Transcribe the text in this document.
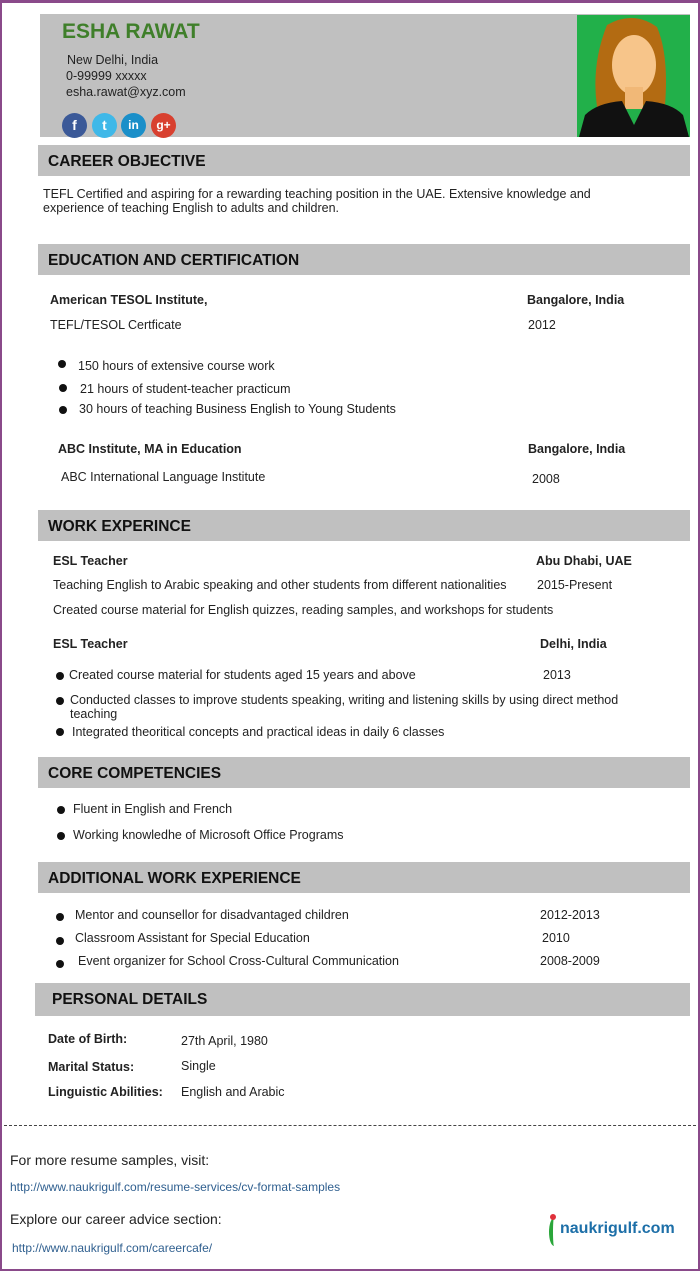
ESHA RAWAT
New Delhi, India
0-99999 xxxxx
esha.rawat@xyz.com
f	t	in	g+
CAREER OBJECTIVE
TEFL Certified and aspiring for a rewarding teaching position in the UAE. Extensive knowledge and
experience of teaching English to adults and children.
EDUCATION AND CERTIFICATION
American TESOL Institute,	Bangalore, India
TEFL/TESOL Certficate	2012
150 hours of extensive course work
21 hours of student-teacher practicum
30 hours of teaching Business English to Young Students
ABC Institute, MA in Education	Bangalore, India
ABC International Language Institute	2008
WORK EXPERINCE
ESL Teacher	Abu Dhabi, UAE
Teaching English to Arabic speaking and other students from different nationalities 2015-Present
Created course material for English quizzes, reading samples, and workshops for students
ESL Teacher	Delhi, India
Created course material for students aged 15 years and above	2013
Conducted classes to improve students speaking, writing and listening skills by using direct method
teaching
Integrated theoritical concepts and practical ideas in daily 6 classes
CORE COMPETENCIES
Fluent in English and French
Working knowledhe of Microsoft Office Programs
ADDITIONAL WORK EXPERIENCE
Mentor and counsellor for disadvantaged children	2012-2013
Classroom Assistant for Special Education	2010
Event organizer for School Cross-Cultural Communication	2008-2009
PERSONAL DETAILS
Date of Birth:	27th April, 1980
Marital Status:	Single
Linguistic Abilities: English and Arabic
For more resume samples, visit:
http://www.naukrigulf.com/resume-services/cv-format-samples
Explore our career advice section:
http://www.naukrigulf.com/careercafe/
naukrigulf.com
